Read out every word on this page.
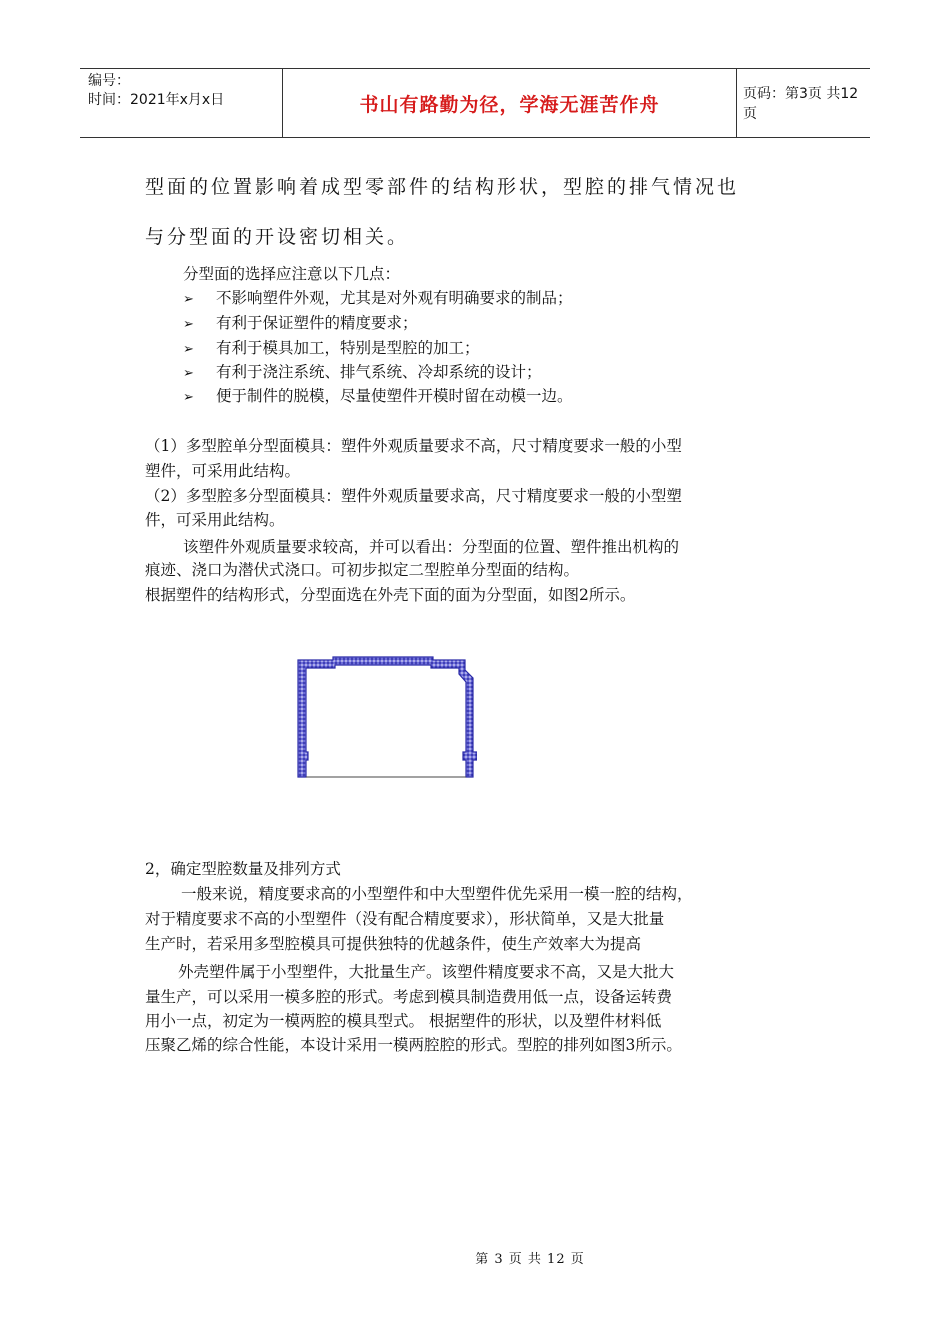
编号：
时间：2021年x月x日	书山有路勤为径，学海无涯苦作舟	页码：第3页 共12页
型面的位置影响着成型零部件的结构形状，型腔的排气情况也
与分型面的开设密切相关。
分型面的选择应注意以下几点：
➢ 不影响塑件外观，尤其是对外观有明确要求的制品；
➢ 有利于保证塑件的精度要求；
➢ 有利于模具加工，特别是型腔的加工；
➢ 有利于浇注系统、排气系统、冷却系统的设计；
➢ 便于制件的脱模，尽量使塑件开模时留在动模一边。
（1）多型腔单分型面模具：塑件外观质量要求不高，尺寸精度要求一般的小型
塑件，可采用此结构。
（2）多型腔多分型面模具：塑件外观质量要求高，尺寸精度要求一般的小型塑
件，可采用此结构。
该塑件外观质量要求较高，并可以看出：分型面的位置、塑件推出机构的
痕迹、浇口为潜伏式浇口。可初步拟定二型腔单分型面的结构。
根据塑件的结构形式，分型面选在外壳下面的面为分型面，如图2所示。
2，确定型腔数量及排列方式
一般来说，精度要求高的小型塑件和中大型塑件优先采用一模一腔的结构，
对于精度要求不高的小型塑件（没有配合精度要求），形状简单，又是大批量
生产时，若采用多型腔模具可提供独特的优越条件，使生产效率大为提高
外壳塑件属于小型塑件，大批量生产。该塑件精度要求不高，又是大批大
量生产，可以采用一模多腔的形式。考虑到模具制造费用低一点，设备运转费
用小一点，初定为一模两腔的模具型式。 根据塑件的形状，以及塑件材料低
压聚乙烯的综合性能，本设计采用一模两腔腔的形式。型腔的排列如图3所示。
第 3 页 共 12 页
